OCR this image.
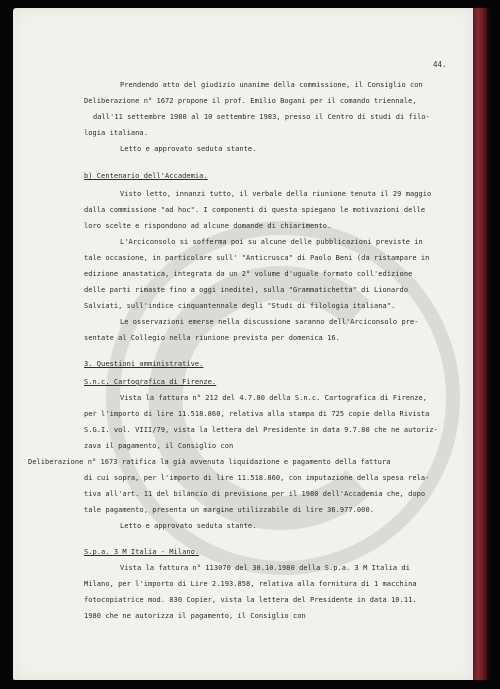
44.
Prendendo atto del giudizio unanime della commissione, il Consiglio con
Deliberazione n° 1672 propone il prof. Emilio Bogani per il comando triennale,
dall'11 settembre 1980 al 10 settembre 1983, presso il Centro di studi di filo-
logia italiana.
Letto e approvato seduta stante.
b) Centenario dell'Accademia.
Visto letto, innanzi tutto, il verbale della riunione tenuta il 29 maggio
dalla commissione "ad hoc". I componenti di questa spiegano le motivazioni delle
loro scelte e rispondono ad alcune domande di chiarimento.
L'Arciconsolo si sofferma poi su alcune delle pubblicazioni previste in
tale occasione, in particolare sull' "Anticrusca" di Paolo Beni (da ristampare in
edizione anastatica, integrata da un 2° volume d'uguale formato coll'edizione
delle parti rimaste fino a oggi inedite), sulla "Grammatichetta" di Lionardo
Salviati, sull'indice cinquantennale degli "Studi di filologia italiana".
Le osservazioni emerse nella discussione saranno dell'Arciconsolo pre-
sentate al Collegio nella riunione prevista per domenica 16.
3. Questioni amministrative.
S.n.c. Cartografica di Firenze.
Vista la fattura n° 212 del 4.7.80 della S.n.c. Cartografica di Firenze,
per l'importo di lire 11.518.860, relativa alla stampa di 725 copie della Rivista
S.G.I. vol. VIII/79, vista la lettera del Presidente in data 9.7.80 che ne autoriz-
zava il pagamento, il Consiglio con
Deliberazione n° 1673 ratifica la già avvenuta liquidazione e pagamento della fattura
di cui sopra, per l'importo di lire 11.518.860, con imputazione della spesa rela-
tiva all'art. 11 del bilancio di previsione per il 1980 dell'Accademia che, dopo
tale pagamento, presenta un margine utilizzabile di lire 36.977.000.
Letto e approvato seduta stante.
S.p.a. 3 M Italia - Milano.
Vista la fattura n° 113070 del 30.10.1980 della S.p.a. 3 M Italia di
Milano, per l'importo di Lire 2.193.858, relativa alla fornitura di 1 macchina
fotocopiatrice mod. 830 Copier, vista la lettera del Presidente in data 10.11.
1980 che ne autorizza il pagamento, il Consiglio con
